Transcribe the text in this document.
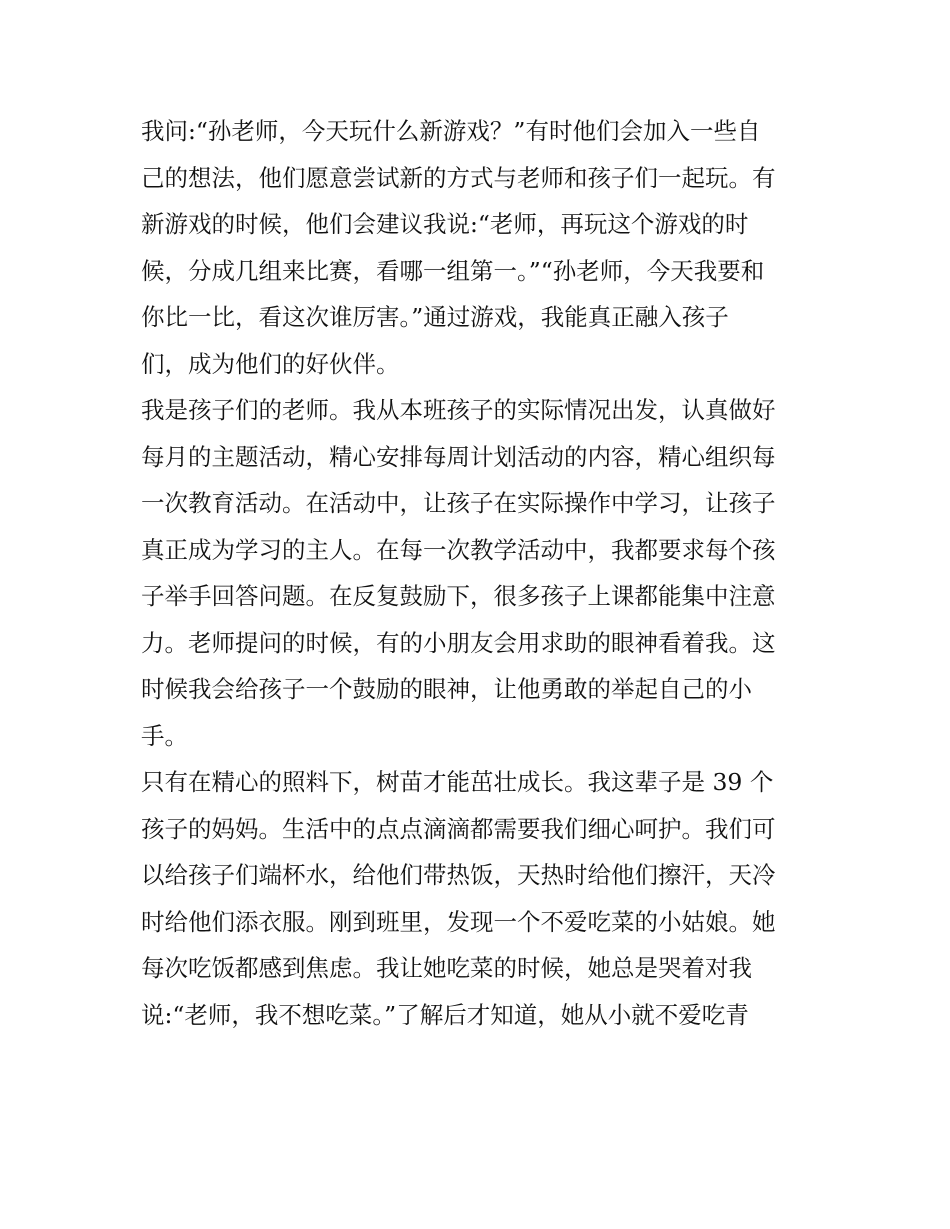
我问:“孙老师，今天玩什么新游戏？”有时他们会加入一些自
己的想法，他们愿意尝试新的方式与老师和孩子们一起玩。有
新游戏的时候，他们会建议我说:“老师，再玩这个游戏的时
候，分成几组来比赛，看哪一组第一。”“孙老师，今天我要和
你比一比，看这次谁厉害。”通过游戏，我能真正融入孩子
们，成为他们的好伙伴。
我是孩子们的老师。我从本班孩子的实际情况出发，认真做好
每月的主题活动，精心安排每周计划活动的内容，精心组织每
一次教育活动。在活动中，让孩子在实际操作中学习，让孩子
真正成为学习的主人。在每一次教学活动中，我都要求每个孩
子举手回答问题。在反复鼓励下，很多孩子上课都能集中注意
力。老师提问的时候，有的小朋友会用求助的眼神看着我。这
时候我会给孩子一个鼓励的眼神，让他勇敢的举起自己的小
手。
只有在精心的照料下，树苗才能茁壮成长。我这辈子是 39 个
孩子的妈妈。生活中的点点滴滴都需要我们细心呵护。我们可
以给孩子们端杯水，给他们带热饭，天热时给他们擦汗，天冷
时给他们添衣服。刚到班里，发现一个不爱吃菜的小姑娘。她
每次吃饭都感到焦虑。我让她吃菜的时候，她总是哭着对我
说:“老师，我不想吃菜。”了解后才知道，她从小就不爱吃青
